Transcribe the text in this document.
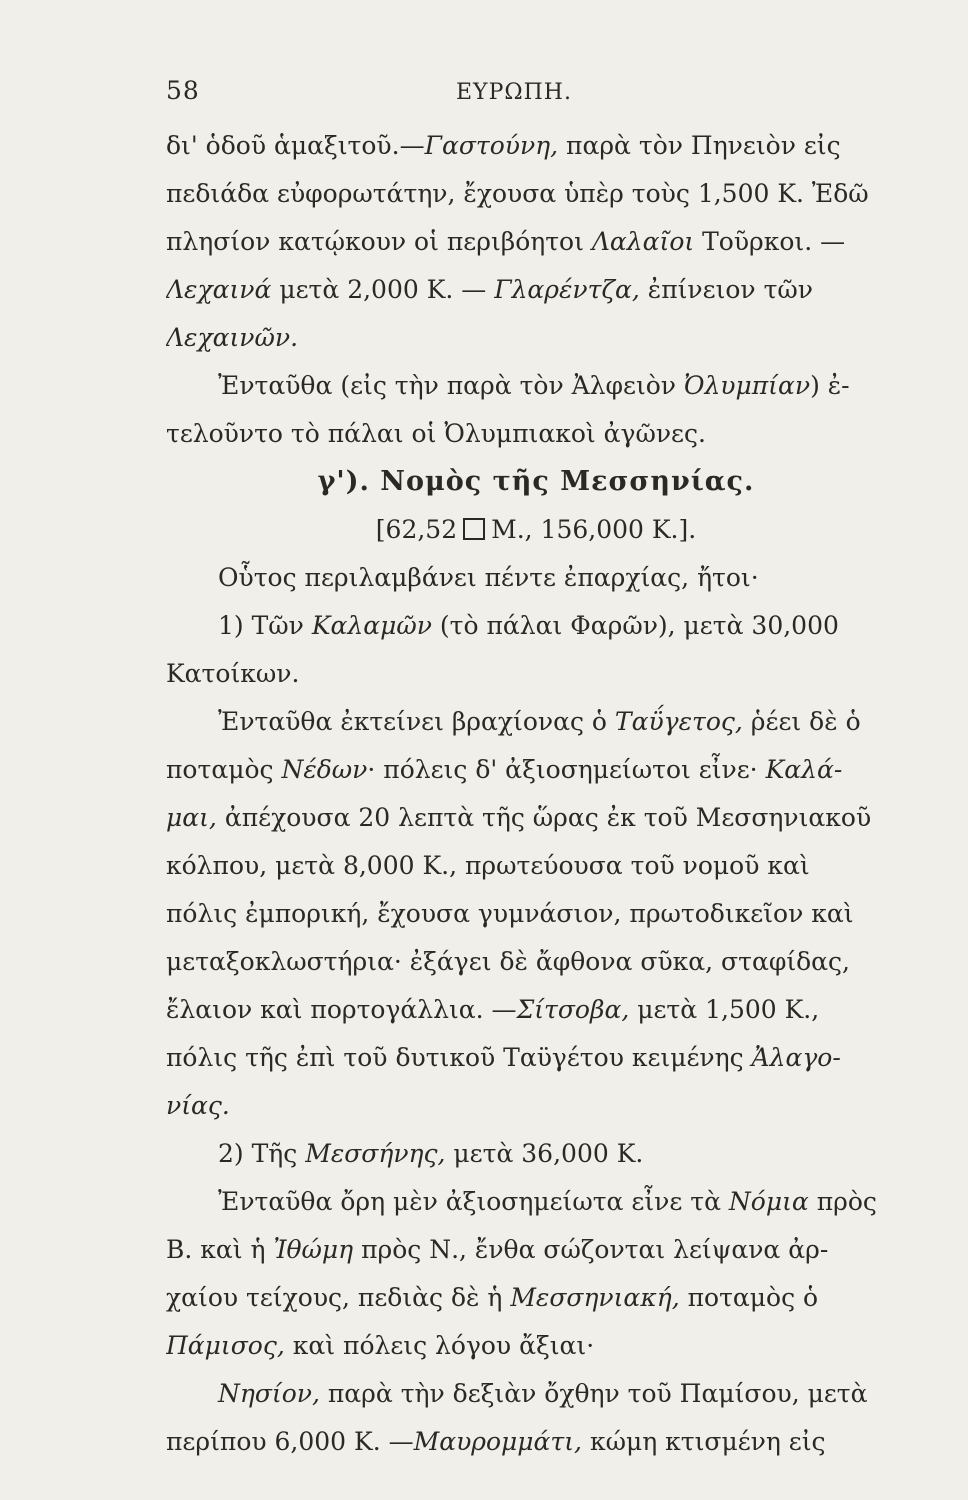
58	ΕΥΡΩΠΗ.
δι' ὁδοῦ ἁμαξιτοῦ.—Γαστούνη, παρὰ τὸν Πηνειὸν εἰς
πεδιάδα εὐφορωτάτην, ἔχουσα ὑπὲρ τοὺς 1,500 Κ. Ἐδῶ
πλησίον κατῴκουν οἱ περιβόητοι Λαλαῖοι Τοῦρκοι. —
Λεχαινά μετὰ 2,000 Κ. — Γλαρέντζα, ἐπίνειον τῶν
Λεχαινῶν.
Ἐνταῦθα (εἰς τὴν παρὰ τὸν Ἀλφειὸν Ὀλυμπίαν) ἐ-
τελοῦντο τὸ πάλαι οἱ Ὀλυμπιακοὶ ἀγῶνες.
γ'). Νομὸς τῆς Μεσσηνίας.
[62,52 Μ., 156,000 Κ.].
Οὗτος περιλαμβάνει πέντε ἐπαρχίας, ἤτοι·
1) Τῶν Καλαμῶν (τὸ πάλαι Φαρῶν), μετὰ 30,000
Κατοίκων.
Ἐνταῦθα ἐκτείνει βραχίονας ὁ Ταΰγετος, ῥέει δὲ ὁ
ποταμὸς Νέδων· πόλεις δ' ἀξιοσημείωτοι εἶνε· Καλά-
μαι, ἀπέχουσα 20 λεπτὰ τῆς ὥρας ἐκ τοῦ Μεσσηνιακοῦ
κόλπου, μετὰ 8,000 Κ., πρωτεύουσα τοῦ νομοῦ καὶ
πόλις ἐμπορική, ἔχουσα γυμνάσιον, πρωτοδικεῖον καὶ
μεταξοκλωστήρια· ἐξάγει δὲ ἄφθονα σῦκα, σταφίδας,
ἔλαιον καὶ πορτογάλλια. —Σίτσοβα, μετὰ 1,500 Κ.,
πόλις τῆς ἐπὶ τοῦ δυτικοῦ Ταϋγέτου κειμένης Ἀλαγο-
νίας.
2) Τῆς Μεσσήνης, μετὰ 36,000 Κ.
Ἐνταῦθα ὄρη μὲν ἀξιοσημείωτα εἶνε τὰ Νόμια πρὸς
Β. καὶ ἡ Ἰθώμη πρὸς Ν., ἔνθα σώζονται λείψανα ἀρ-
χαίου τείχους, πεδιὰς δὲ ἡ Μεσσηνιακή, ποταμὸς ὁ
Πάμισος, καὶ πόλεις λόγου ἄξιαι·
Νησίον, παρὰ τὴν δεξιὰν ὄχθην τοῦ Παμίσου, μετὰ
περίπου 6,000 Κ. —Μαυρομμάτι, κώμη κτισμένη εἰς
